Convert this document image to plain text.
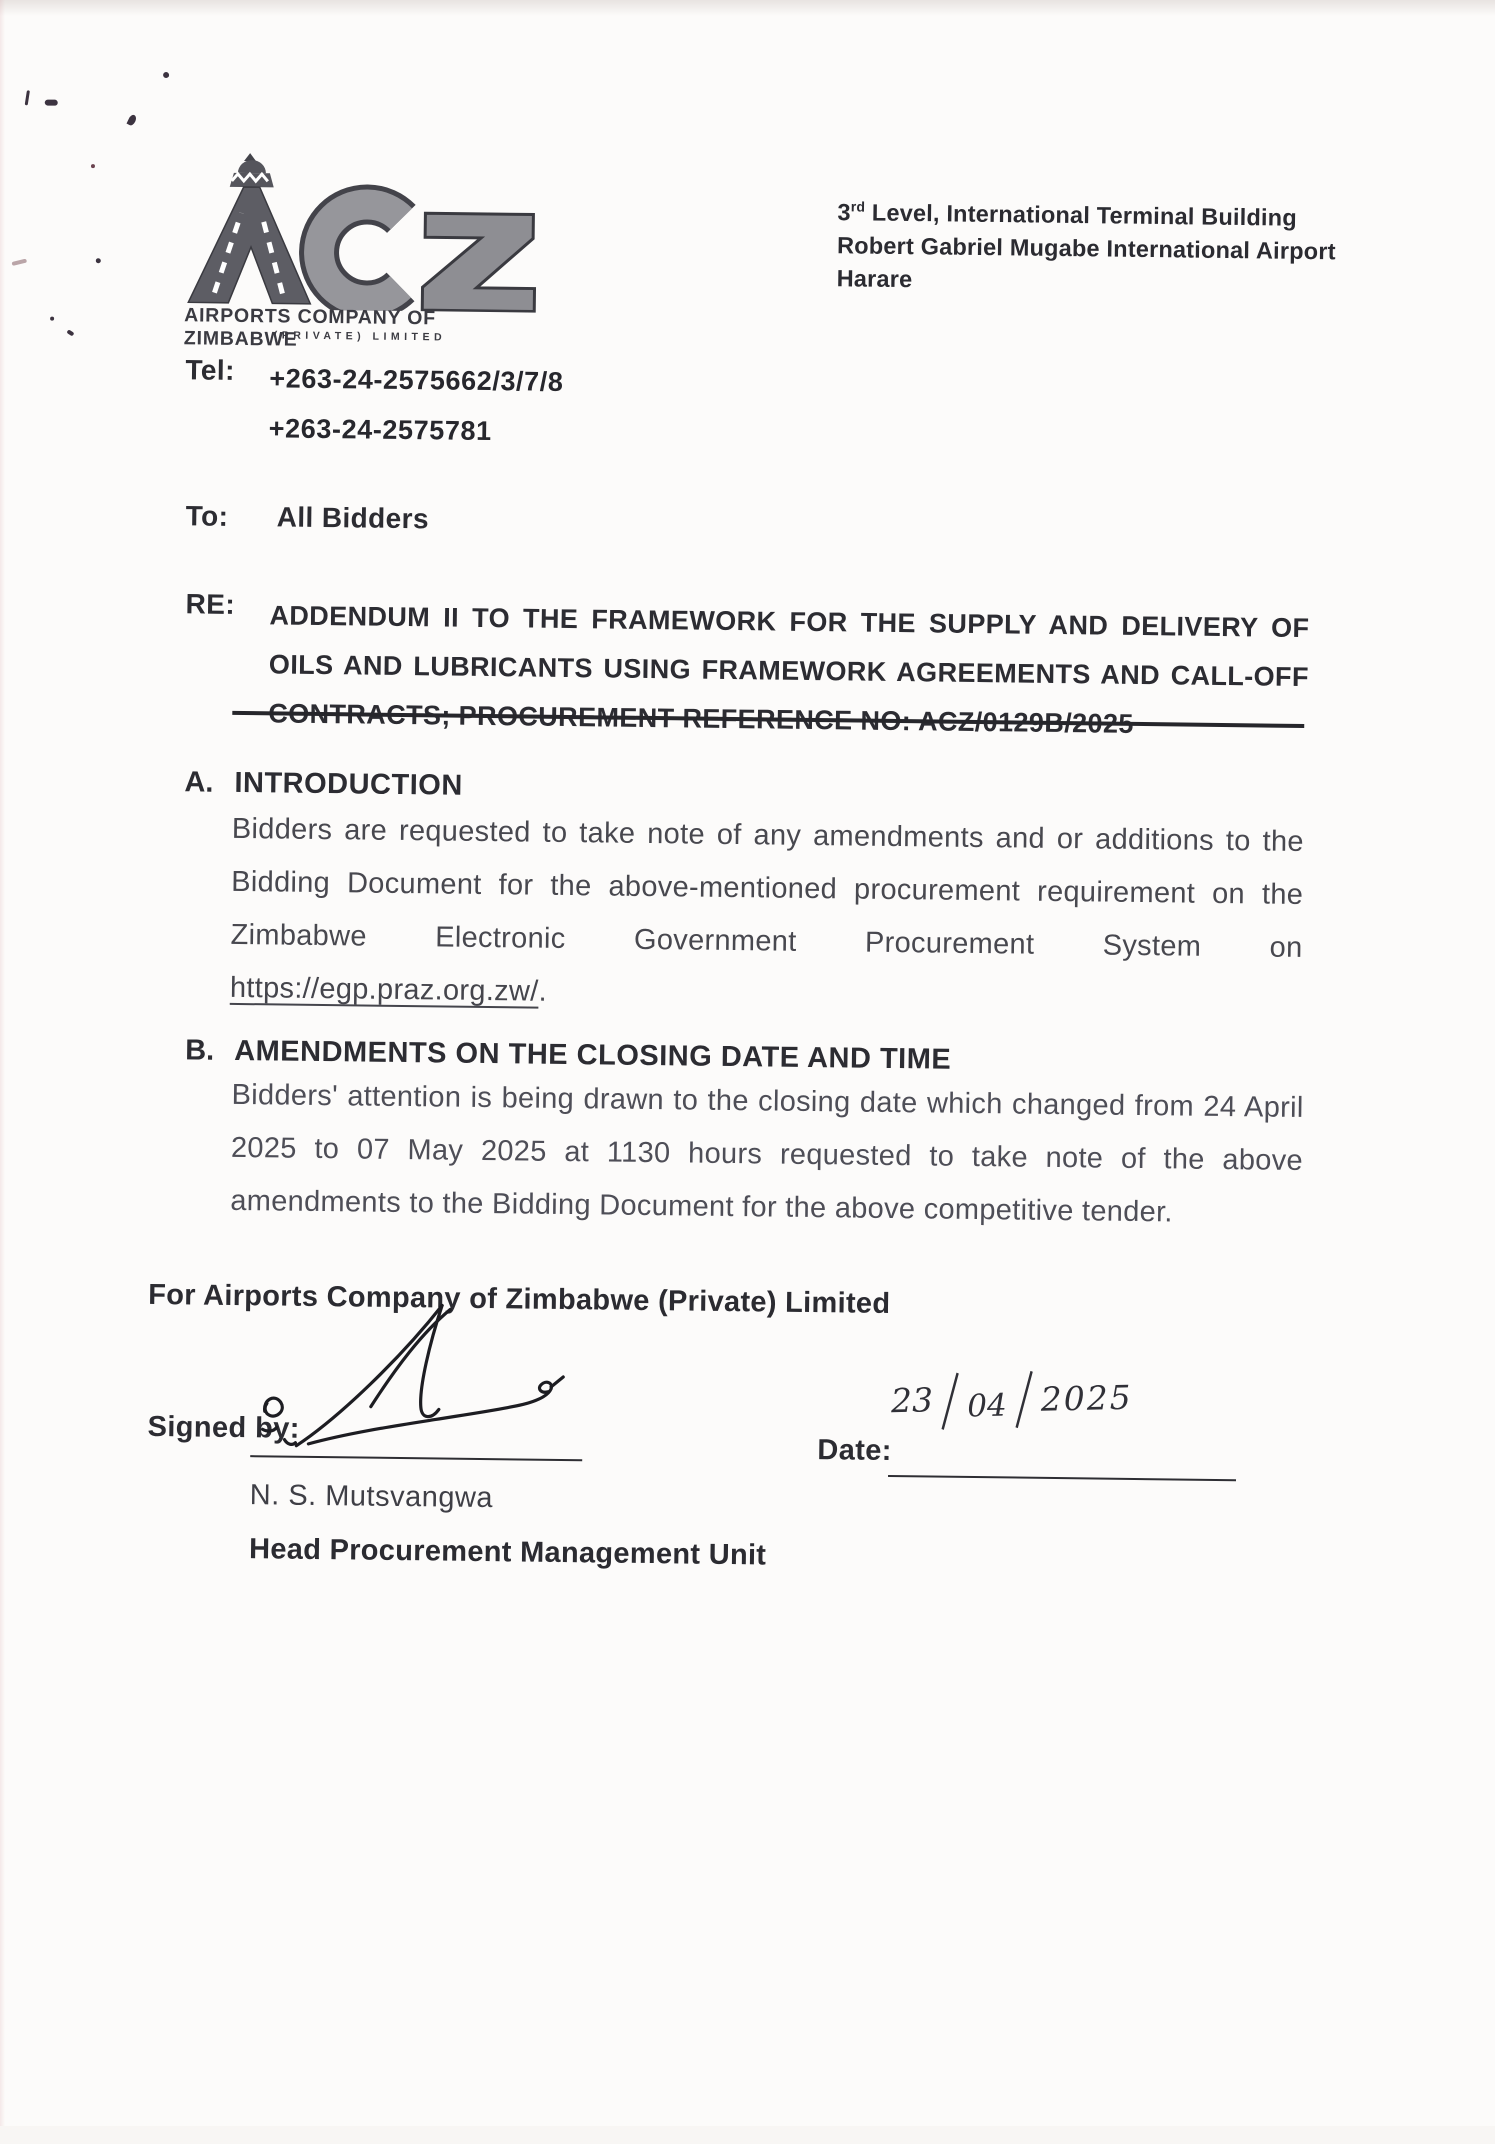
AIRPORTS COMPANY OF ZIMBABWE
(PRIVATE) LIMITED
3rd Level, International Terminal Building
Robert Gabriel Mugabe International Airport
Harare
Tel: +263-24-2575662/3/7/8
+263-24-2575781
To: All Bidders
RE: ADDENDUM II TO THE FRAMEWORK FOR THE SUPPLY AND DELIVERY OF OILS AND LUBRICANTS USING FRAMEWORK AGREEMENTS AND CALL-OFF CONTRACTS; PROCUREMENT REFERENCE NO: ACZ/0129B/2025
A. INTRODUCTION
Bidders are requested to take note of any amendments and or additions to the Bidding Document for the above-mentioned procurement requirement on the Zimbabwe Electronic Government Procurement System on https://egp.praz.org.zw/.
B. AMENDMENTS ON THE CLOSING DATE AND TIME
Bidders' attention is being drawn to the closing date which changed from 24 April 2025 to 07 May 2025 at 1130 hours requested to take note of the above amendments to the Bidding Document for the above competitive tender.
For Airports Company of Zimbabwe (Private) Limited
Signed by:
Date:
23 / 04 / 2025
N. S. Mutsvangwa
Head Procurement Management Unit
